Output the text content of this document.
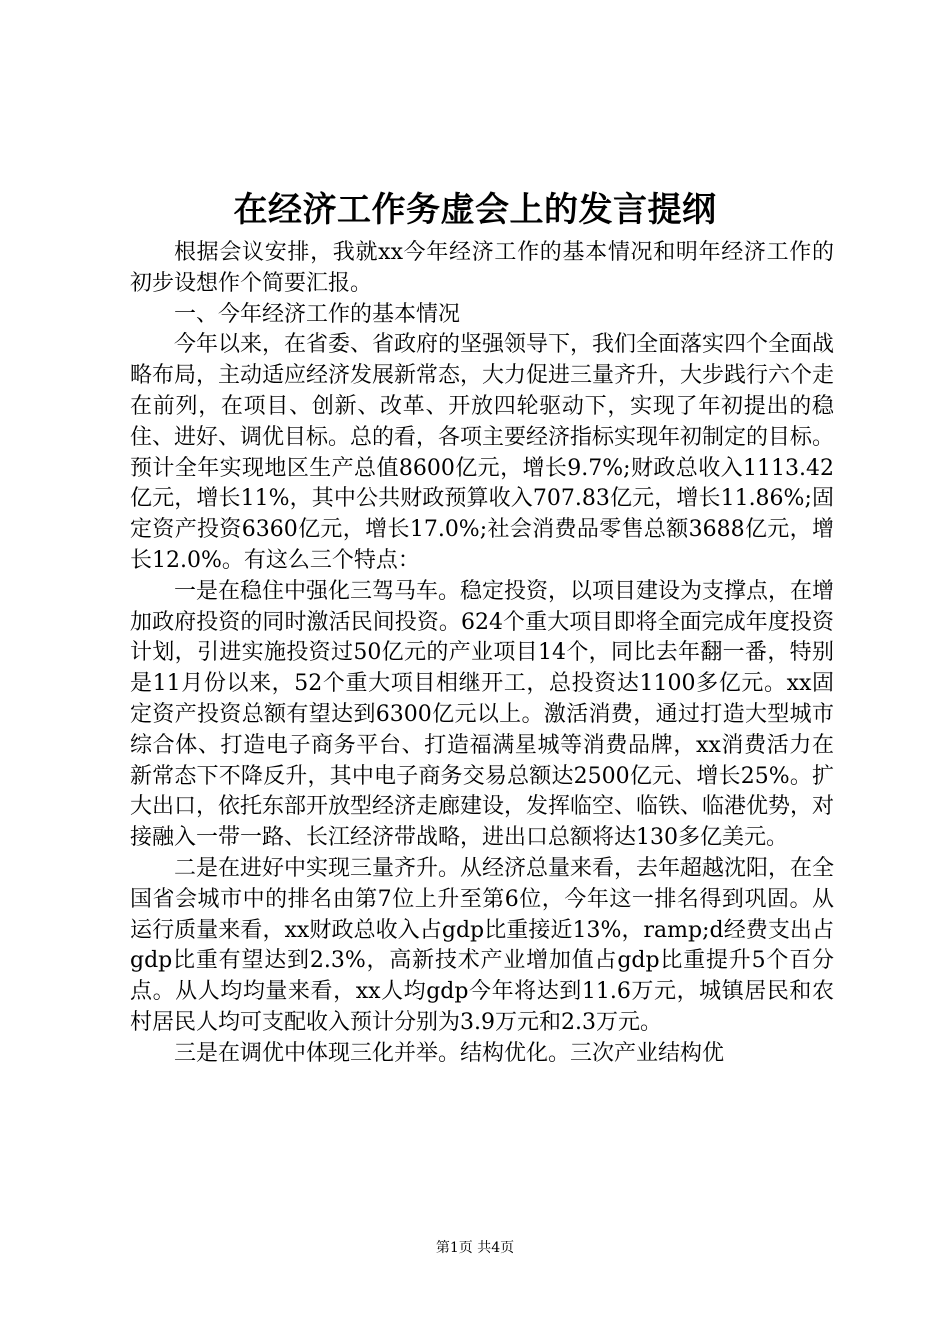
在经济工作务虚会上的发言提纲

根据会议安排，我就xx今年经济工作的基本情况和明年经济工作的初步设想作个简要汇报。

一、今年经济工作的基本情况

今年以来，在省委、省政府的坚强领导下，我们全面落实四个全面战略布局，主动适应经济发展新常态，大力促进三量齐升，大步践行六个走在前列，在项目、创新、改革、开放四轮驱动下，实现了年初提出的稳住、进好、调优目标。总的看，各项主要经济指标实现年初制定的目标。预计全年实现地区生产总值8600亿元，增长9.7%;财政总收入1113.42亿元，增长11%，其中公共财政预算收入707.83亿元，增长11.86%;固定资产投资6360亿元，增长17.0%;社会消费品零售总额3688亿元，增长12.0%。有这么三个特点：

一是在稳住中强化三驾马车。稳定投资，以项目建设为支撑点，在增加政府投资的同时激活民间投资。624个重大项目即将全面完成年度投资计划，引进实施投资过50亿元的产业项目14个，同比去年翻一番，特别是11月份以来，52个重大项目相继开工，总投资达1100多亿元。xx固定资产投资总额有望达到6300亿元以上。激活消费，通过打造大型城市综合体、打造电子商务平台、打造福满星城等消费品牌，xx消费活力在新常态下不降反升，其中电子商务交易总额达2500亿元、增长25%。扩大出口，依托东部开放型经济走廊建设，发挥临空、临铁、临港优势，对接融入一带一路、长江经济带战略，进出口总额将达130多亿美元。

二是在进好中实现三量齐升。从经济总量来看，去年超越沈阳，在全国省会城市中的排名由第7位上升至第6位，今年这一排名得到巩固。从运行质量来看，xx财政总收入占gdp比重接近13%，ramp;d经费支出占gdp比重有望达到2.3%，高新技术产业增加值占gdp比重提升5个百分点。从人均均量来看，xx人均gdp今年将达到11.6万元，城镇居民和农村居民人均可支配收入预计分别为3.9万元和2.3万元。

三是在调优中体现三化并举。结构优化。三次产业结构优

第1页 共4页
